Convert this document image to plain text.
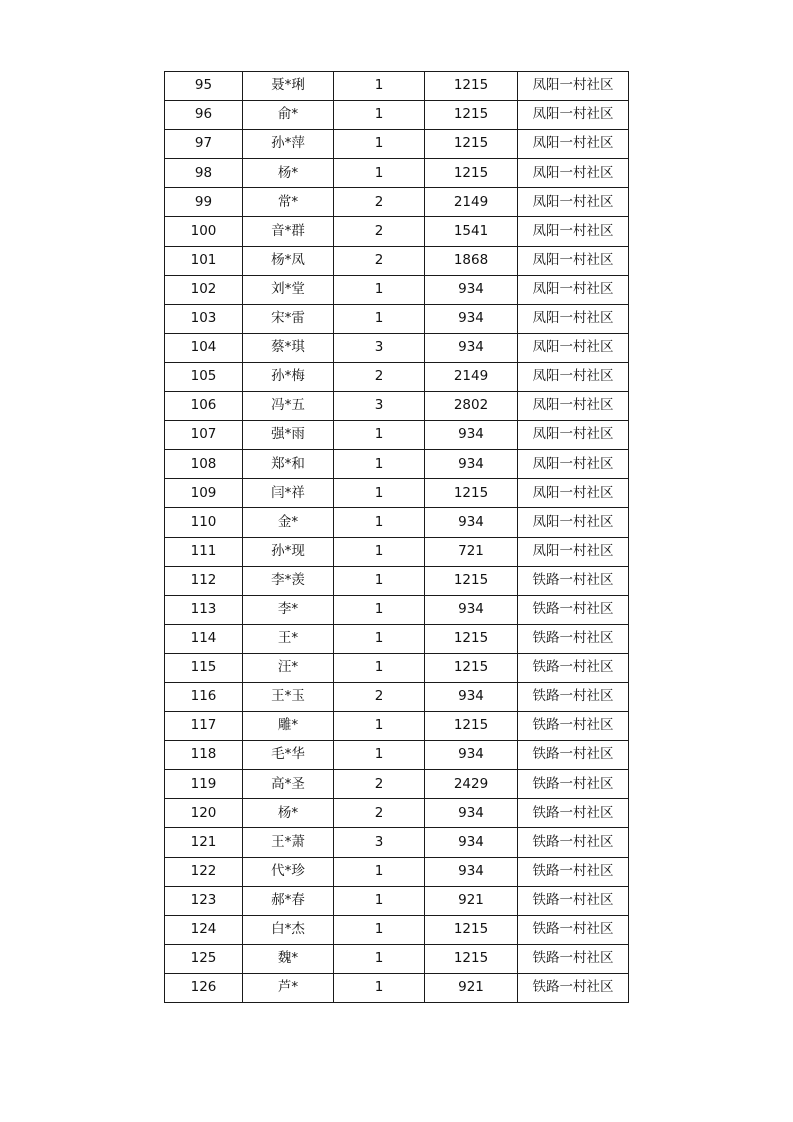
95	聂*琍	1	1215	凤阳一村社区
96	俞*	1	1215	凤阳一村社区
97	孙*萍	1	1215	凤阳一村社区
98	杨*	1	1215	凤阳一村社区
99	常*	2	2149	凤阳一村社区
100	音*群	2	1541	凤阳一村社区
101	杨*凤	2	1868	凤阳一村社区
102	刘*堂	1	934	凤阳一村社区
103	宋*雷	1	934	凤阳一村社区
104	蔡*琪	3	934	凤阳一村社区
105	孙*梅	2	2149	凤阳一村社区
106	冯*五	3	2802	凤阳一村社区
107	强*雨	1	934	凤阳一村社区
108	郑*和	1	934	凤阳一村社区
109	闫*祥	1	1215	凤阳一村社区
110	金*	1	934	凤阳一村社区
111	孙*现	1	721	凤阳一村社区
112	李*羡	1	1215	铁路一村社区
113	李*	1	934	铁路一村社区
114	王*	1	1215	铁路一村社区
115	汪*	1	1215	铁路一村社区
116	王*玉	2	934	铁路一村社区
117	雕*	1	1215	铁路一村社区
118	毛*华	1	934	铁路一村社区
119	高*圣	2	2429	铁路一村社区
120	杨*	2	934	铁路一村社区
121	王*萧	3	934	铁路一村社区
122	代*珍	1	934	铁路一村社区
123	郝*春	1	921	铁路一村社区
124	白*杰	1	1215	铁路一村社区
125	魏*	1	1215	铁路一村社区
126	芦*	1	921	铁路一村社区
